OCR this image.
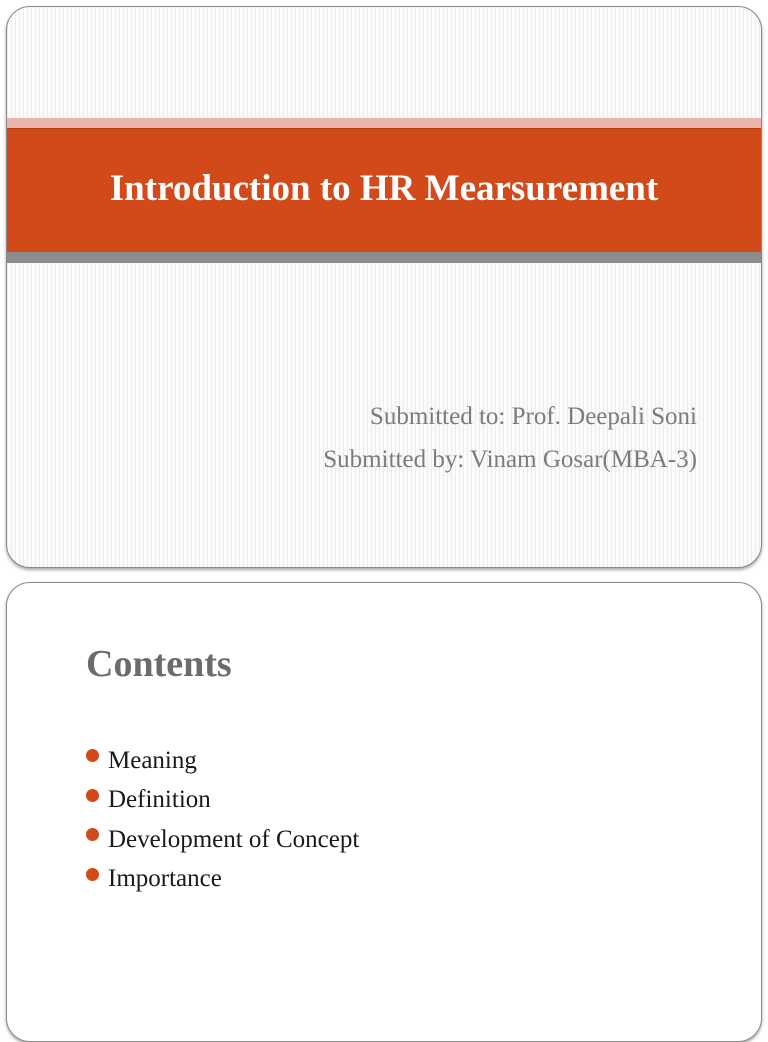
Introduction to HR Mearsurement

Submitted to: Prof. Deepali Soni

Submitted by: Vinam Gosar(MBA-3)

Contents
Meaning
Definition
Development of Concept
Importance
